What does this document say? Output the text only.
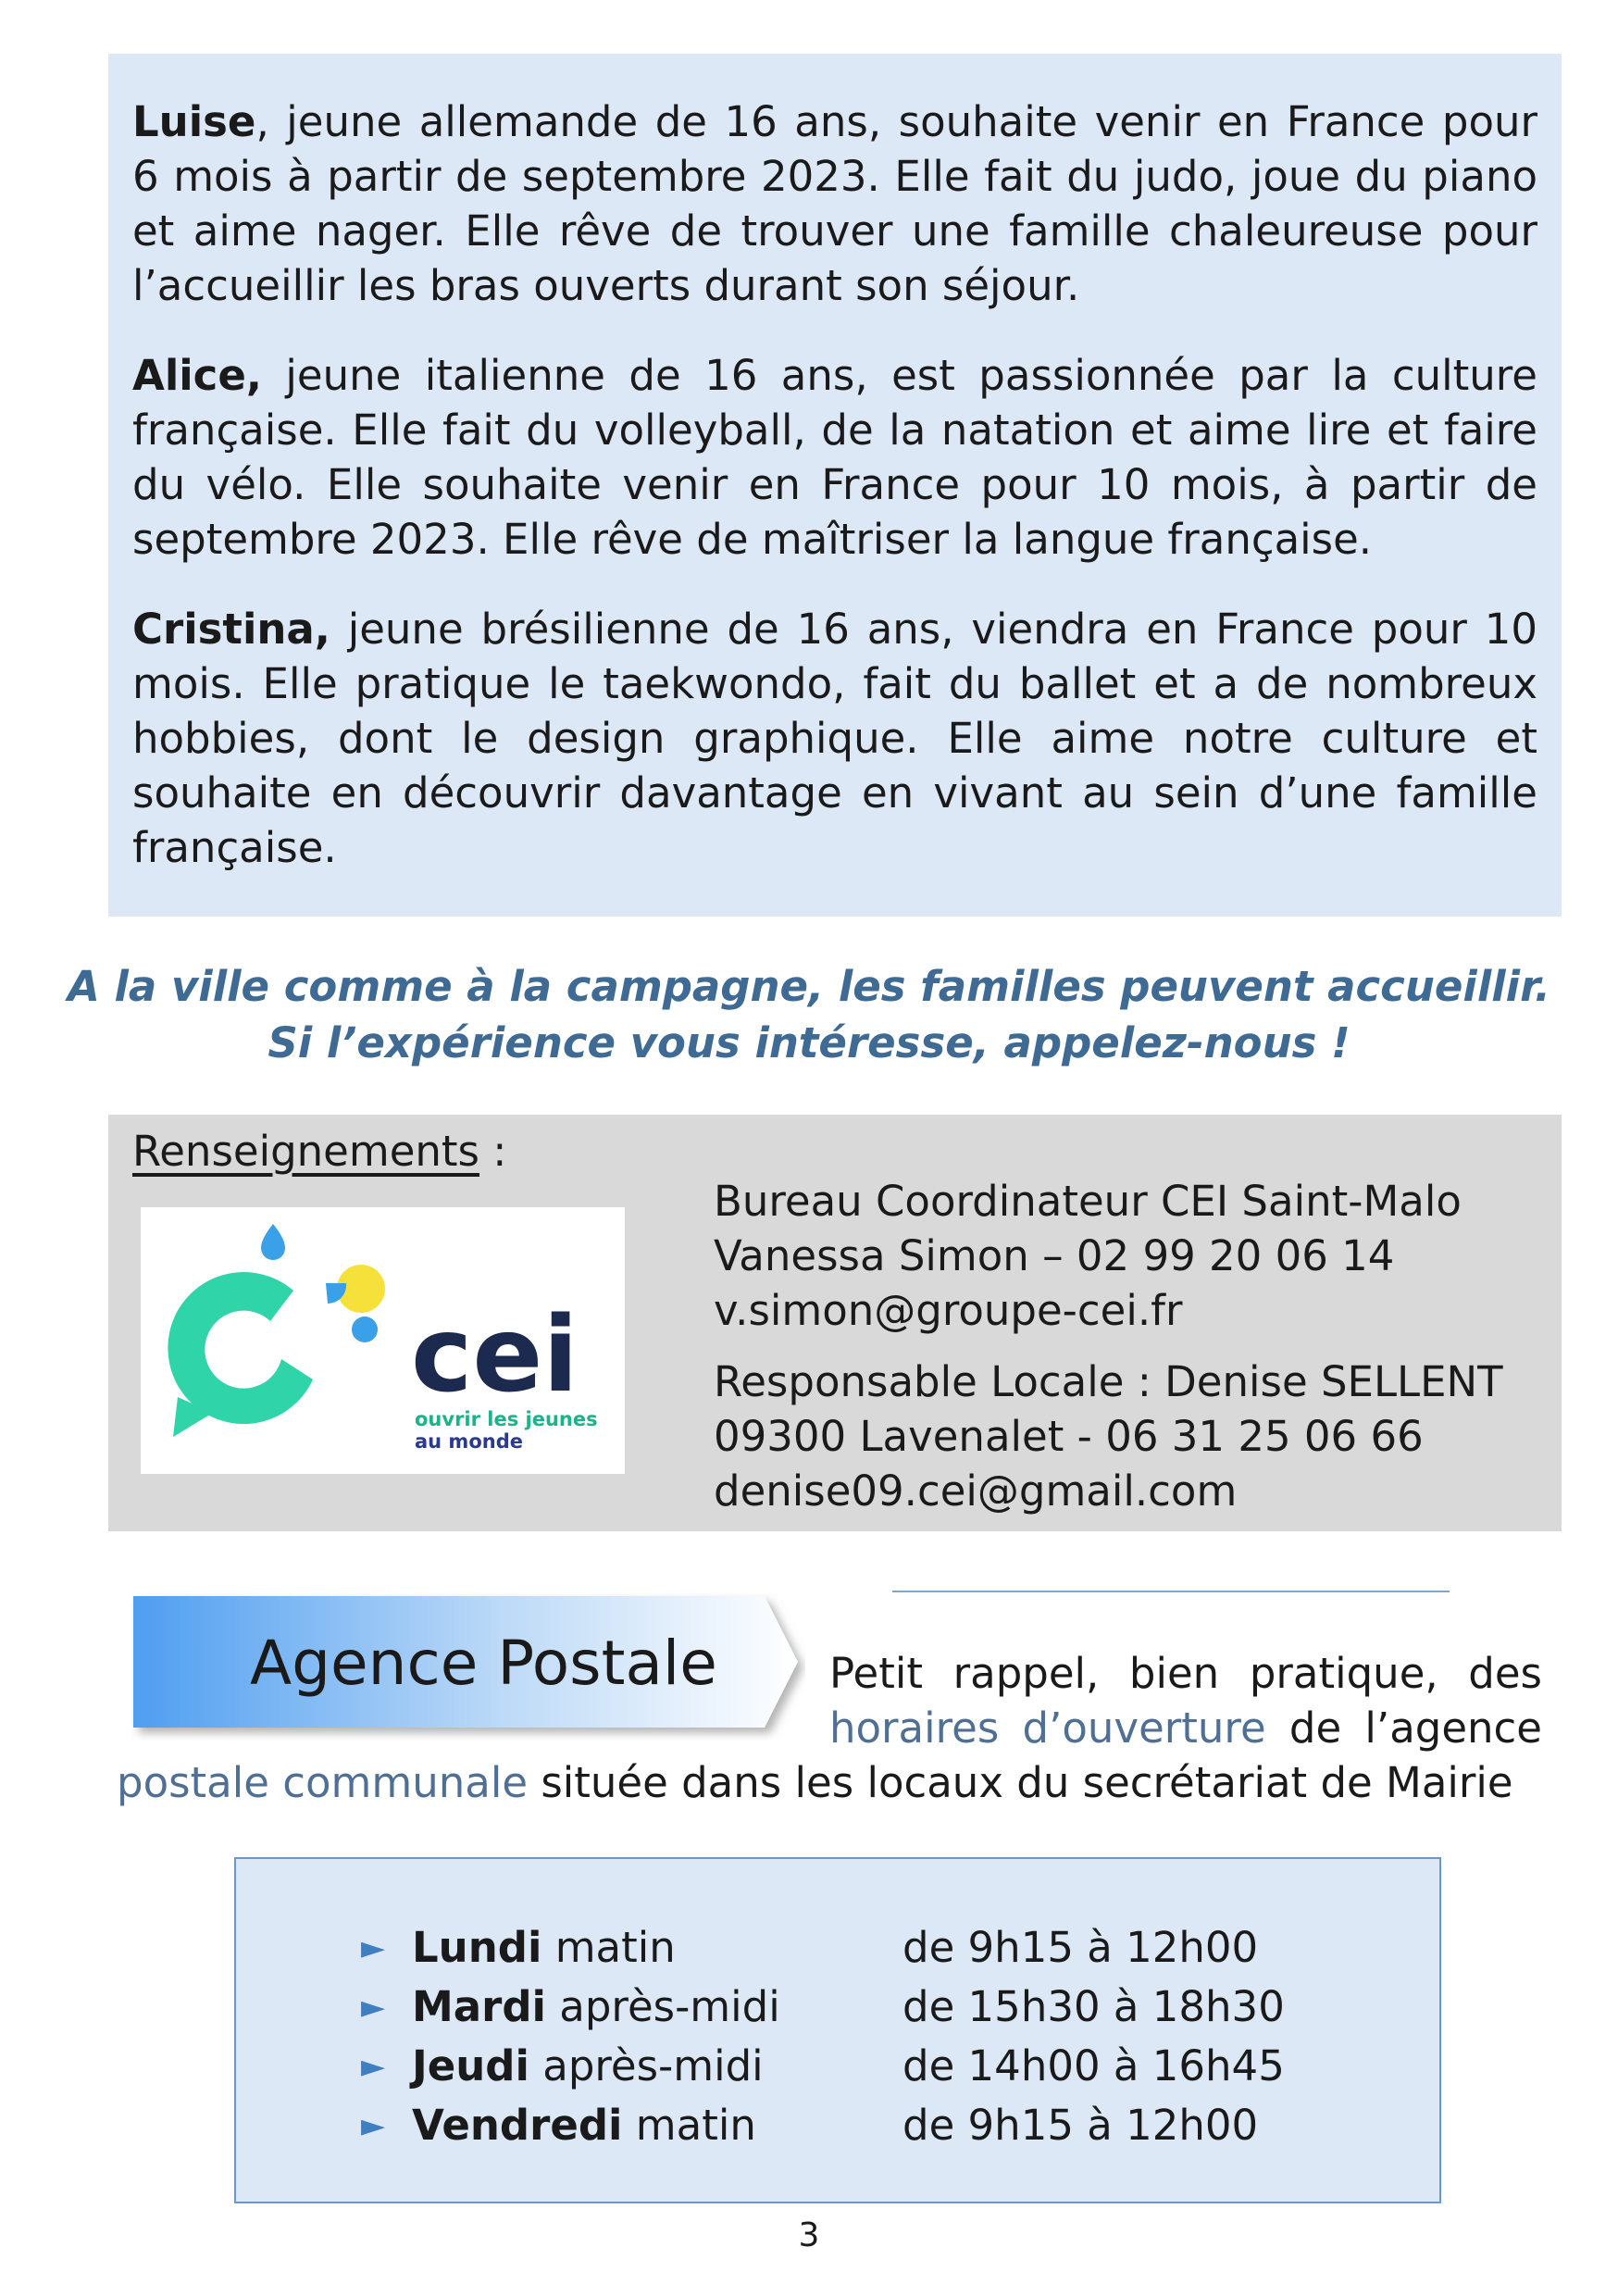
Luise, jeune allemande de 16 ans, souhaite venir en France pour 6 mois à partir de septembre 2023. Elle fait du judo, joue du piano et aime nager. Elle rêve de trouver une famille chaleureuse pour l’accueillir les bras ouverts durant son séjour.

Alice, jeune italienne de 16 ans, est passionnée par la culture française. Elle fait du volleyball, de la natation et aime lire et faire du vélo. Elle souhaite venir en France pour 10 mois, à partir de septembre 2023. Elle rêve de maîtriser la langue française.

Cristina, jeune brésilienne de 16 ans, viendra en France pour 10 mois. Elle pratique le taekwondo, fait du ballet et a de nombreux hobbies, dont le design graphique. Elle aime notre culture et souhaite en découvrir davantage en vivant au sein d’une famille française.

A la ville comme à la campagne, les familles peuvent accueillir.
Si l’expérience vous intéresse, appelez-nous !
Renseignements :
cei
ouvrir les jeunes
au monde
Bureau Coordinateur CEI Saint-Malo
Vanessa Simon – 02 99 20 06 14
v.simon@groupe-cei.fr
Responsable Locale : Denise SELLENT
09300 Lavenalet - 06 31 25 06 66
denise09.cei@gmail.com
Agence Postale	Petit rappel, bien pratique, des
horaires d’ouverture de l’agence
postale communale située dans les locaux du secrétariat de Mairie
► Lundi matin	de 9h15 à 12h00
► Mardi après-midi	de 15h30 à 18h30
► Jeudi après-midi	de 14h00 à 16h45
► Vendredi matin	de 9h15 à 12h00
3
